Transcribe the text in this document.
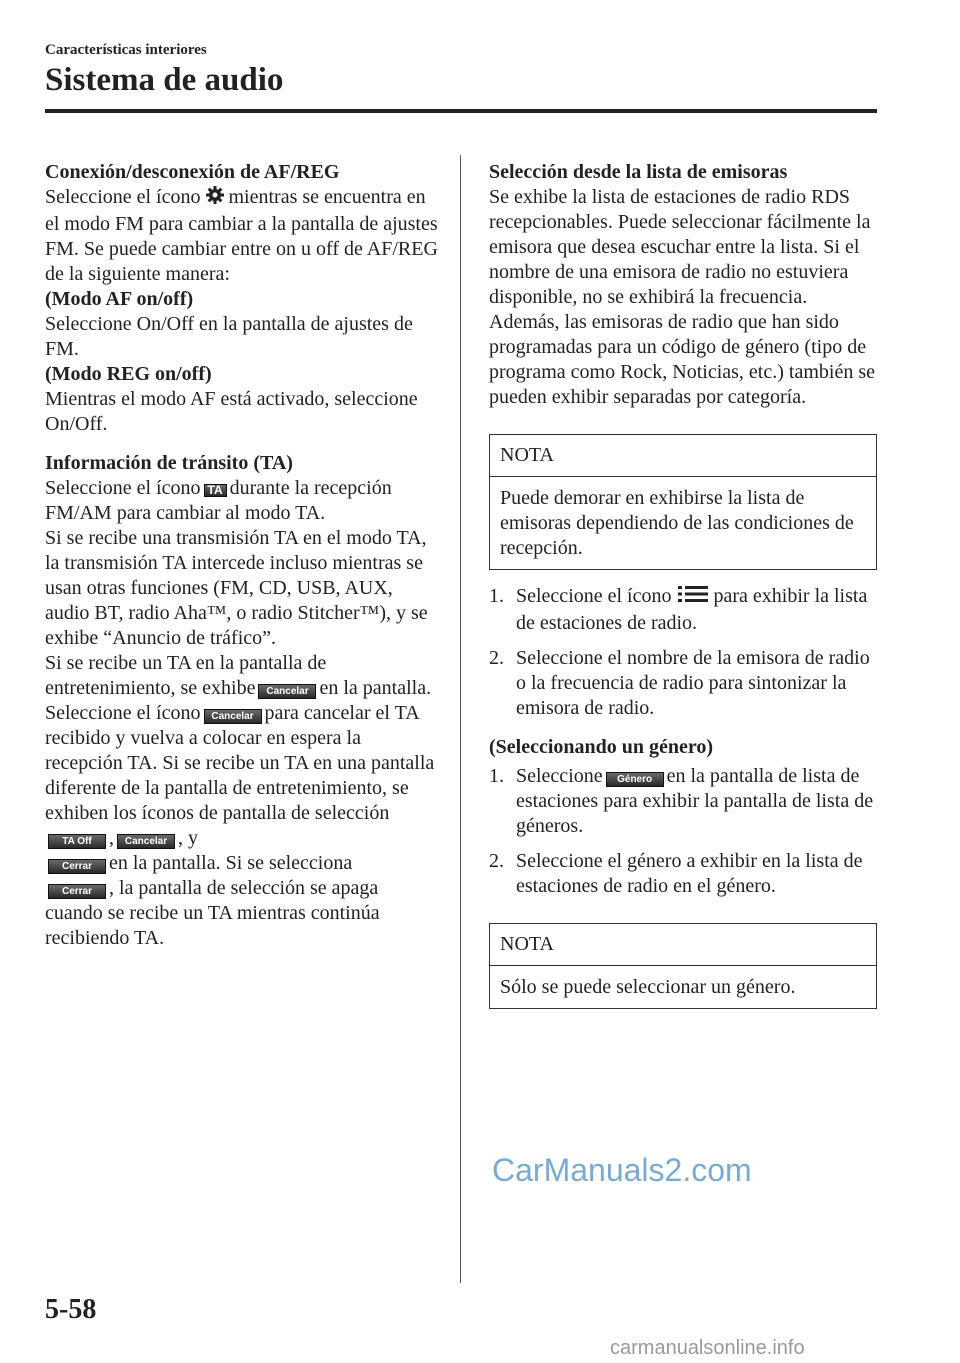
Características interiores
Sistema de audio

Conexión/desconexión de AF/REG

Seleccione el ícono mientras se encuentra en el modo FM para cambiar a la pantalla de ajustes FM. Se puede cambiar entre on u off de AF/REG de la siguiente manera:

(Modo AF on/off)

Seleccione On/Off en la pantalla de ajustes de FM.

(Modo REG on/off)

Mientras el modo AF está activado, seleccione On/Off.

Información de tránsito (TA)

Seleccione el ícono TA durante la recepción FM/AM para cambiar al modo TA.

Si se recibe una transmisión TA en el modo TA, la transmisión TA intercede incluso mientras se usan otras funciones (FM, CD, USB, AUX, audio BT, radio Aha™, o radio Stitcher™), y se exhibe “Anuncio de tráfico”.

Si se recibe un TA en la pantalla de entretenimiento, se exhibe Cancelar en la pantalla. Seleccione el ícono Cancelar para cancelar el TA recibido y vuelva a colocar en espera la recepción TA. Si se recibe un TA en una pantalla diferente de la pantalla de entretenimiento, se exhiben los íconos de pantalla de selecciónTA Off , Cancelar , y
Cerrar en la pantalla. Si se selecciona
Cerrar , la pantalla de selección se apaga cuando se recibe un TA mientras continúa recibiendo TA.

Selección desde la lista de emisoras

Se exhibe la lista de estaciones de radio RDS recepcionables. Puede seleccionar fácilmente la emisora que desea escuchar entre la lista. Si el nombre de una emisora de radio no estuviera disponible, no se exhibirá la frecuencia. Además, las emisoras de radio que han sido programadas para un código de género (tipo de programa como Rock, Noticias, etc.) también se pueden exhibir separadas por categoría.

NOTA
Puede demorar en exhibirse la lista de emisoras dependiendo de las condiciones de recepción.
1. Seleccione el ícono para exhibir la lista de estaciones de radio.
2. Seleccione el nombre de la emisora de radio o la frecuencia de radio para sintonizar la emisora de radio.

(Seleccionando un género)

1. Seleccione Género en la pantalla de lista de estaciones para exhibir la pantalla de lista de géneros.
2. Seleccione el género a exhibir en la lista de estaciones de radio en el género.
NOTA
Sólo se puede seleccionar un género.
CarManuals2.com
5-58
carmanualsonline.info
